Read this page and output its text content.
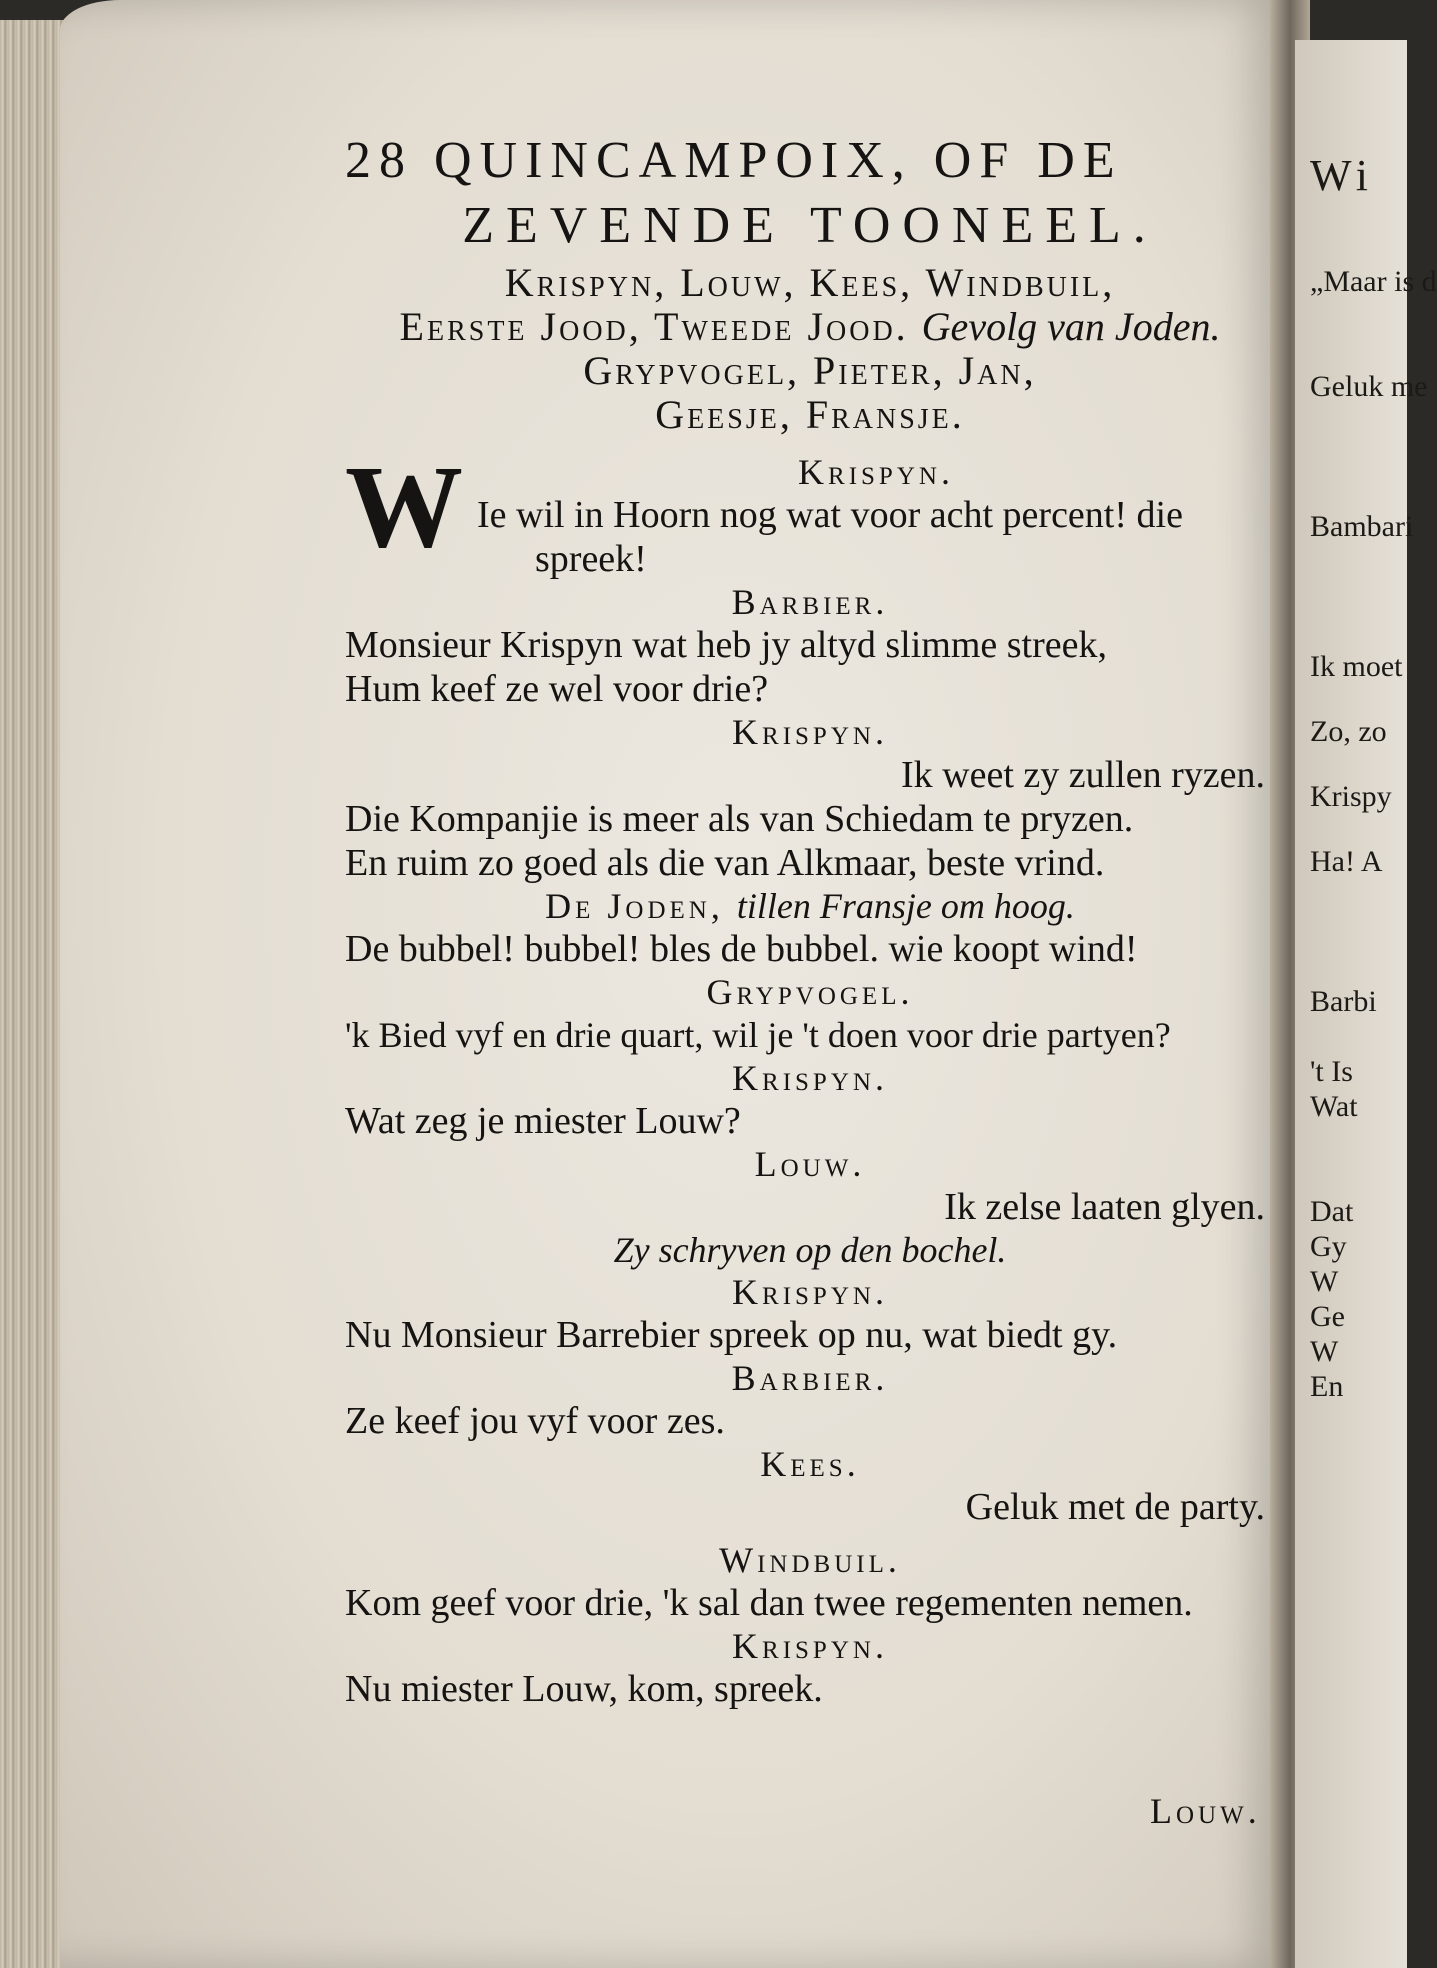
Wi
„Maar is d
Geluk me
Bambari
Ik moet
Zo, zo
Krispy
Ha! A
Barbi
't Is
Wat
Dat
Gy
W
Ge
W
En
28 QUINCAMPOIX, OF DE
ZEVENDE TOONEEL.
Krispyn, Louw, Kees, Windbuil,
Eerste Jood, Tweede Jood. Gevolg van Joden. Grypvogel, Pieter, Jan,
Geesje, Fransje.
W	Krispyn.
Ie wil in Hoorn nog wat voor acht percent! die
spreek!
Barbier.
Monsieur Krispyn wat heb jy altyd slimme streek,
Hum keef ze wel voor drie?
Krispyn.
Ik weet zy zullen ryzen.
Die Kompanjie is meer als van Schiedam te pryzen.
En ruim zo goed als die van Alkmaar, beste vrind.
De Joden, tillen Fransje om hoog.
De bubbel! bubbel! bles de bubbel. wie koopt wind!
Grypvogel.
'k Bied vyf en drie quart, wil je 't doen voor drie partyen?
Krispyn.
Wat zeg je miester Louw?
Louw.
Ik zelse laaten glyen.
Zy schryven op den bochel.
Krispyn.
Nu Monsieur Barrebier spreek op nu, wat biedt gy.
Barbier.
Ze keef jou vyf voor zes.
Kees.
Geluk met de party.
Windbuil.
Kom geef voor drie, 'k sal dan twee regementen nemen.
Krispyn.
Nu miester Louw, kom, spreek.
Louw.
